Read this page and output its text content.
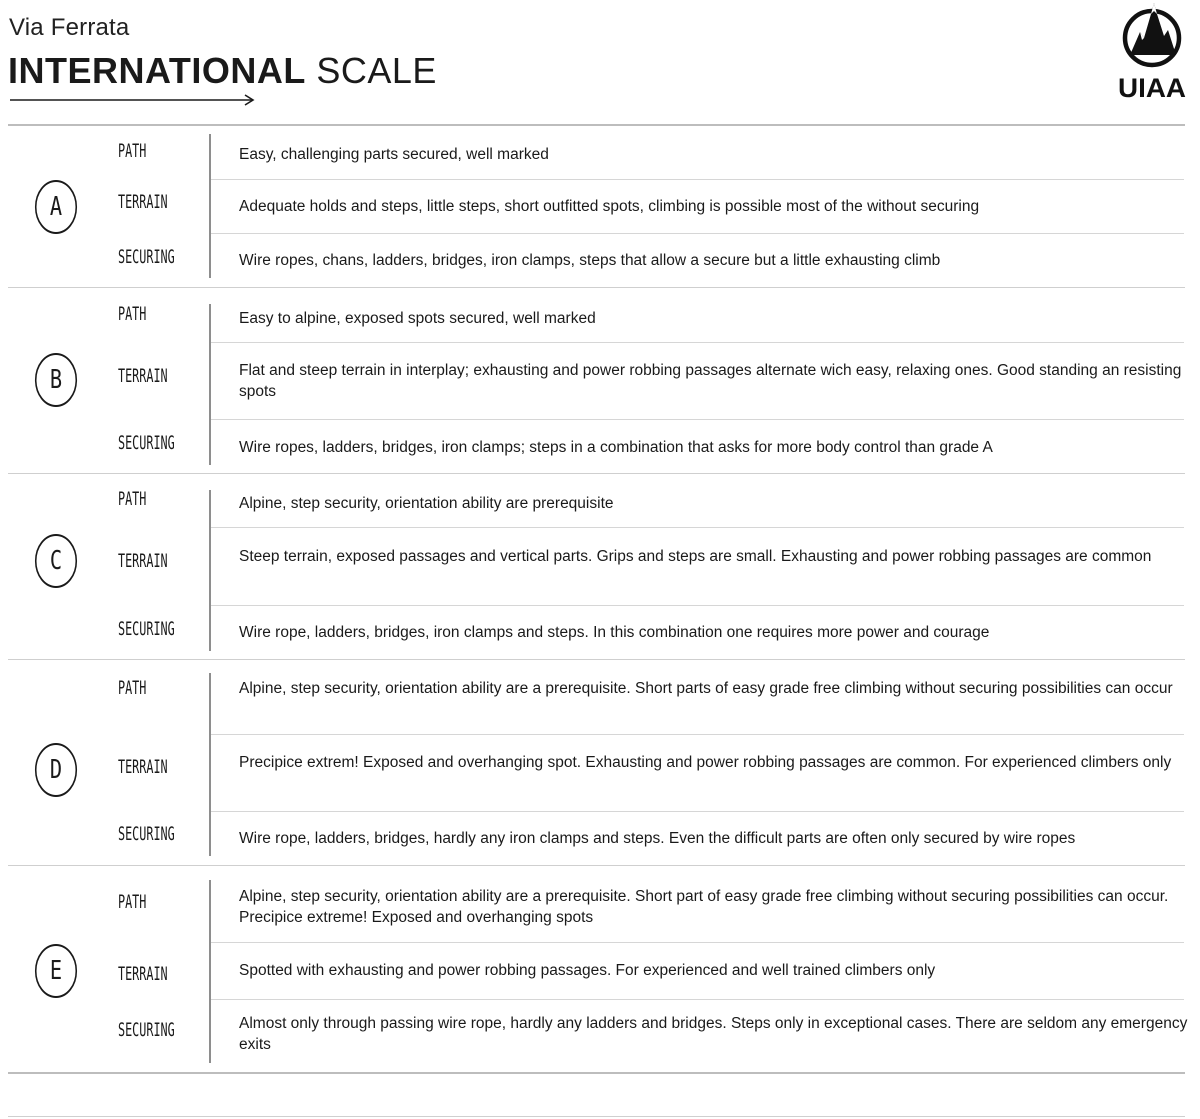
Via Ferrata
INTERNATIONAL SCALE
	UIAA
A
PATH	Easy, challenging parts secured, well marked
TERRAIN	Adequate holds and steps, little steps, short outfitted spots, climbing is possible most of the without securing
SECURING	Wire ropes, chans, ladders, bridges, iron clamps, steps that allow a secure but a little exhausting climb
B
PATH	Easy to alpine, exposed spots secured, well marked
TERRAIN	Flat and steep terrain in interplay; exhausting and power robbing passages alternate wich easy, relaxing ones. Good standing an resisting spots
SECURING	Wire ropes, ladders, bridges, iron clamps; steps in a combination that asks for more body control than grade A
C
PATH	Alpine, step security, orientation ability are prerequisite
TERRAIN	Steep terrain, exposed passages and vertical parts. Grips and steps are small. Exhausting and power robbing passages are common
SECURING	Wire rope, ladders, bridges, iron clamps and steps. In this combination one requires more power and courage
D
PATH	Alpine, step security, orientation ability are a prerequisite. Short parts of easy grade free climbing without securing possibilities can occur
TERRAIN	Precipice extrem! Exposed and overhanging spot. Exhausting and power robbing passages are common. For experienced climbers only
SECURING	Wire rope, ladders, bridges, hardly any iron clamps and steps. Even the difficult parts are often only secured by wire ropes
E
PATH	Alpine, step security, orientation ability are a prerequisite. Short part of easy grade free climbing without securing possibilities can occur. Precipice extreme! Exposed and overhanging spots
TERRAIN	Spotted with exhausting and power robbing passages. For experienced and well trained climbers only
SECURING	Almost only through passing wire rope, hardly any ladders and bridges. Steps only in exceptional cases. There are seldom any emergency exits
